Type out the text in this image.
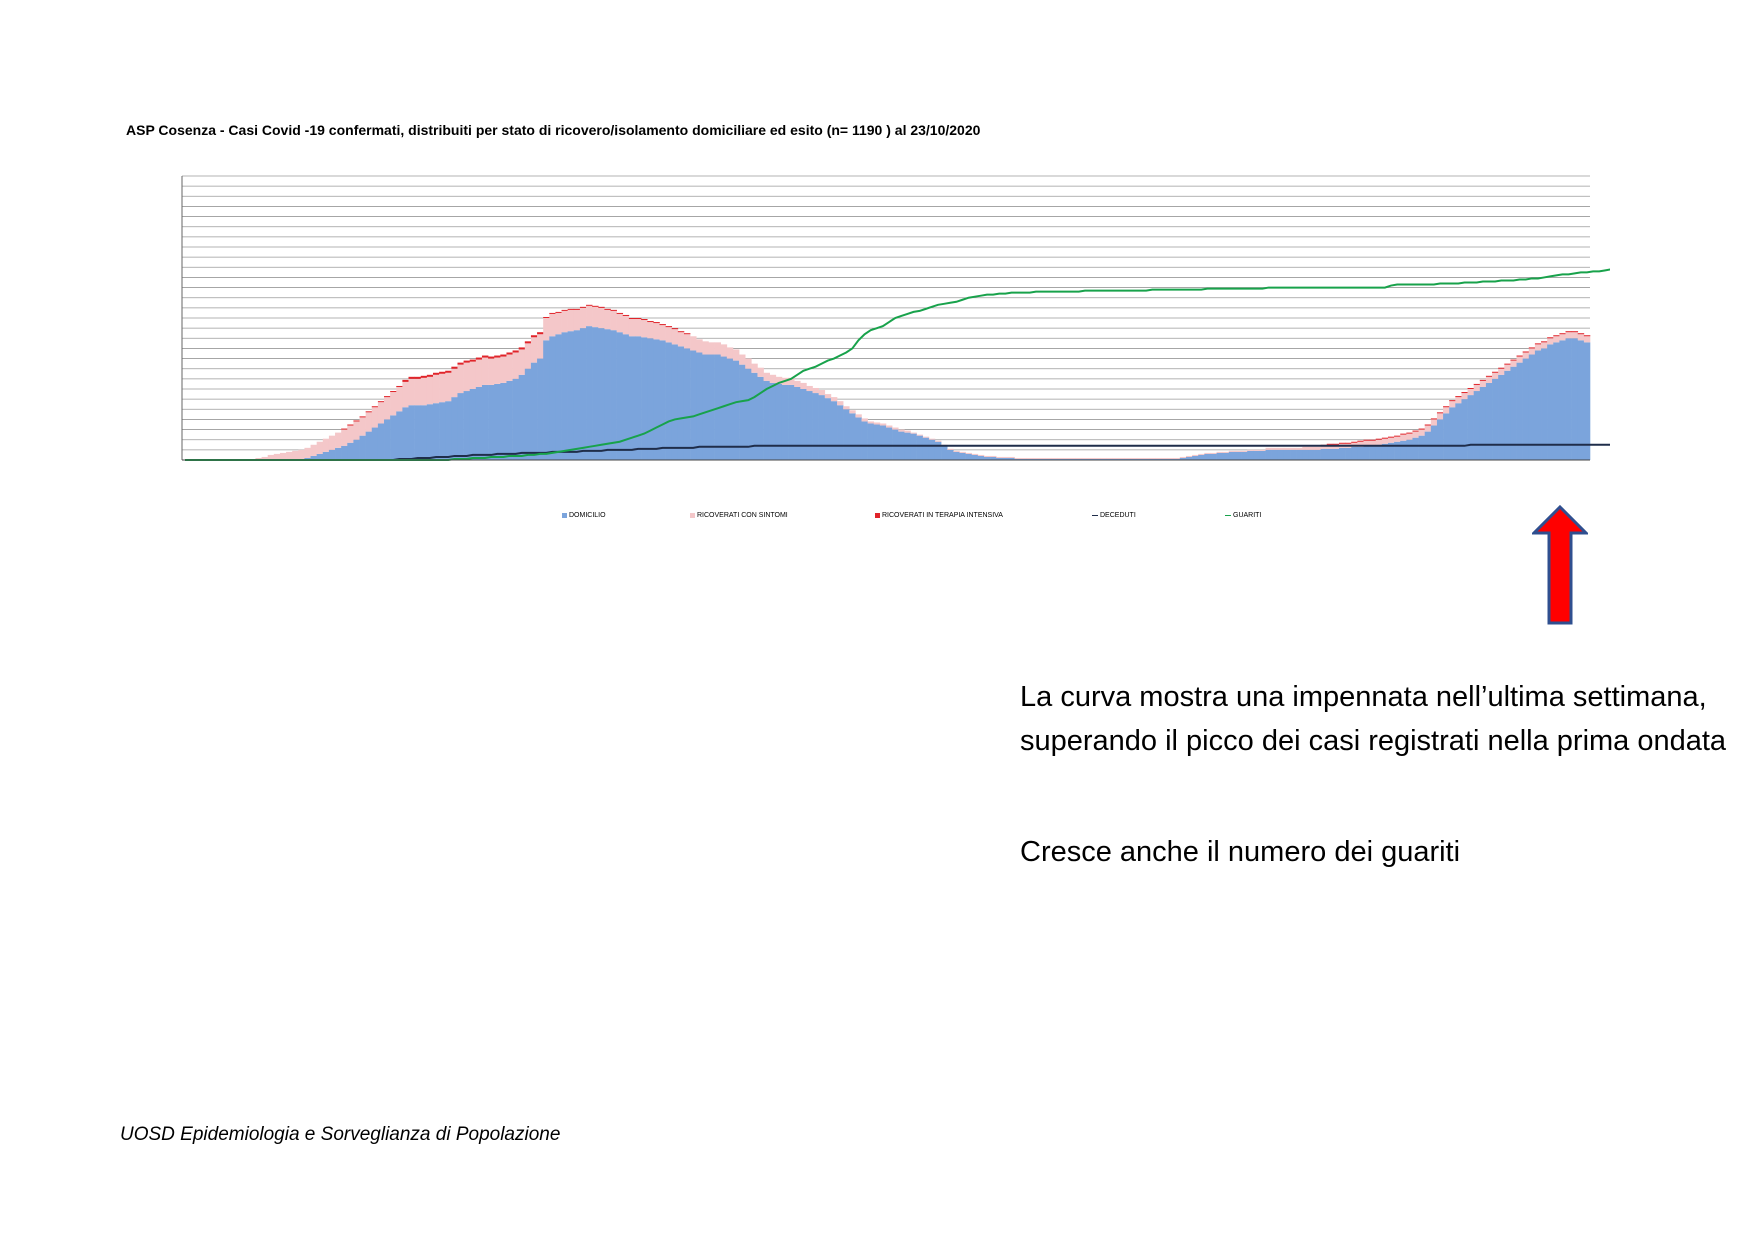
ASP Cosenza - Casi Covid -19 confermati, distribuiti per stato di ricovero/isolamento domiciliare ed esito (n= 1190 ) al 23/10/2020
DOMICILIO	RICOVERATI CON SINTOMI	RICOVERATI IN TERAPIA INTENSIVA	DECEDUTI	GUARITI
La curva mostra una impennata nell’ultima settimana, superando il picco dei casi registrati nella prima ondata
Cresce anche il numero dei guariti
UOSD Epidemiologia e Sorveglianza di Popolazione
